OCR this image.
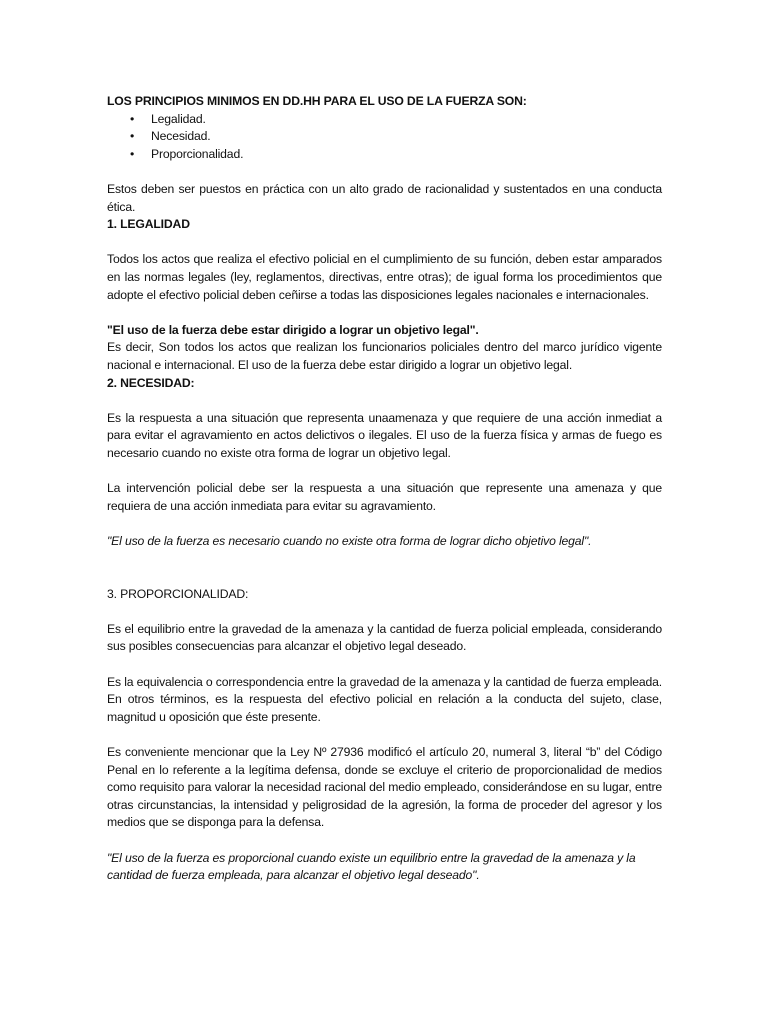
LOS PRINCIPIOS MINIMOS EN DD.HH PARA EL USO DE LA FUERZA SON:

• Legalidad.
• Necesidad.
• Proporcionalidad.

Estos deben ser puestos en práctica con un alto grado de racionalidad y sustentados en una conducta ética.

1. LEGALIDAD

Todos los actos que realiza el efectivo policial en el cumplimiento de su función, deben estar amparados en las normas legales (ley, reglamentos, directivas, entre otras); de igual forma los procedimientos que adopte el efectivo policial deben ceñirse a todas las disposiciones legales nacionales e internacionales.

"El uso de la fuerza debe estar dirigido a lograr un objetivo legal".

Es decir, Son todos los actos que realizan los funcionarios policiales dentro del marco jurídico vigente nacional e internacional. El uso de la fuerza debe estar dirigido a lograr un objetivo legal.

2. NECESIDAD:

Es la respuesta a una situación que representa unaamenaza y que requiere de una acción inmediat a para evitar el agravamiento en actos delictivos o ilegales. El uso de la fuerza física y armas de fuego es necesario cuando no existe otra forma de lograr un objetivo legal.

La intervención policial debe ser la respuesta a una situación que represente una amenaza y que requiera de una acción inmediata para evitar su agravamiento.

"El uso de la fuerza es necesario cuando no existe otra forma de lograr dicho objetivo legal".

3. PROPORCIONALIDAD:

Es el equilibrio entre la gravedad de la amenaza y la cantidad de fuerza policial empleada, considerando sus posibles consecuencias para alcanzar el objetivo legal deseado.

Es la equivalencia o correspondencia entre la gravedad de la amenaza y la cantidad de fuerza empleada. En otros términos, es la respuesta del efectivo policial en relación a la conducta del sujeto, clase, magnitud u oposición que éste presente.

Es conveniente mencionar que la Ley Nº 27936 modificó el artículo 20, numeral 3, literal “b” del Código Penal en lo referente a la legítima defensa, donde se excluye el criterio de proporcionalidad de medios como requisito para valorar la necesidad racional del medio empleado, considerándose en su lugar, entre otras circunstancias, la intensidad y peligrosidad de la agresión, la forma de proceder del agresor y los medios que se disponga para la defensa.

"El uso de la fuerza es proporcional cuando existe un equilibrio entre la gravedad de la amenaza y la cantidad de fuerza empleada, para alcanzar el objetivo legal deseado".
